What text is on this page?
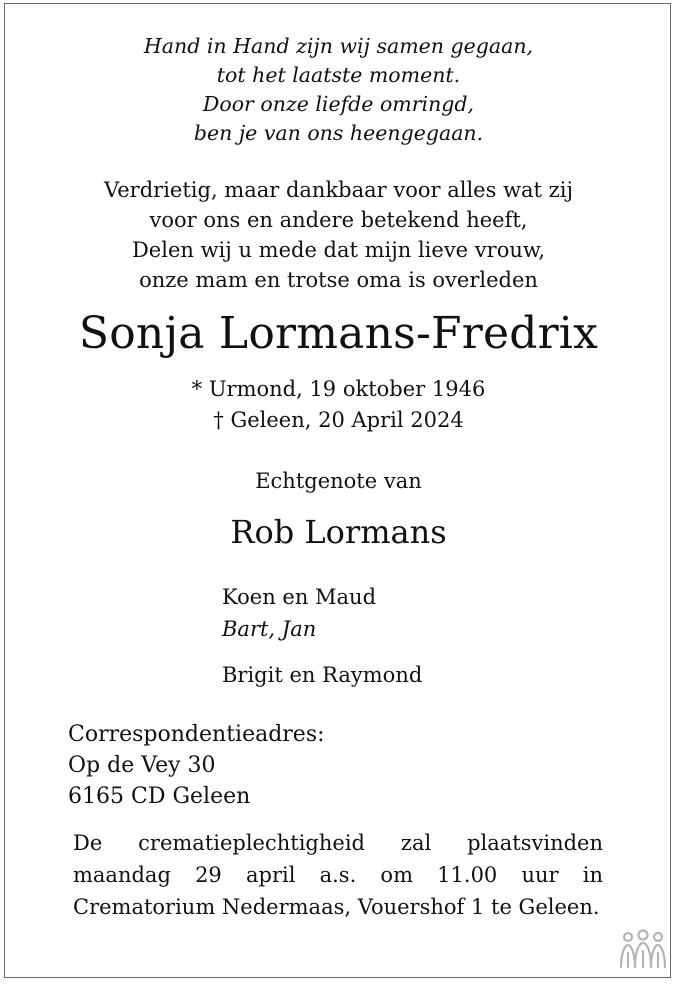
Hand in Hand zijn wij samen gegaan,
tot het laatste moment.
Door onze liefde omringd,
ben je van ons heengegaan.
Verdrietig, maar dankbaar voor alles wat zij
voor ons en andere betekend heeft,
Delen wij u mede dat mijn lieve vrouw,
onze mam en trotse oma is overleden
Sonja Lormans-Fredrix
* Urmond, 19 oktober 1946
† Geleen, 20 April 2024
Echtgenote van
Rob Lormans
Koen en Maud
Bart, Jan
Brigit en Raymond
Correspondentieadres:
Op de Vey 30
6165 CD Geleen
De crematieplechtigheid zal plaatsvinden maandag 29 april a.s. om 11.00 uur in Crematorium Nedermaas, Vouershof 1 te Geleen.
